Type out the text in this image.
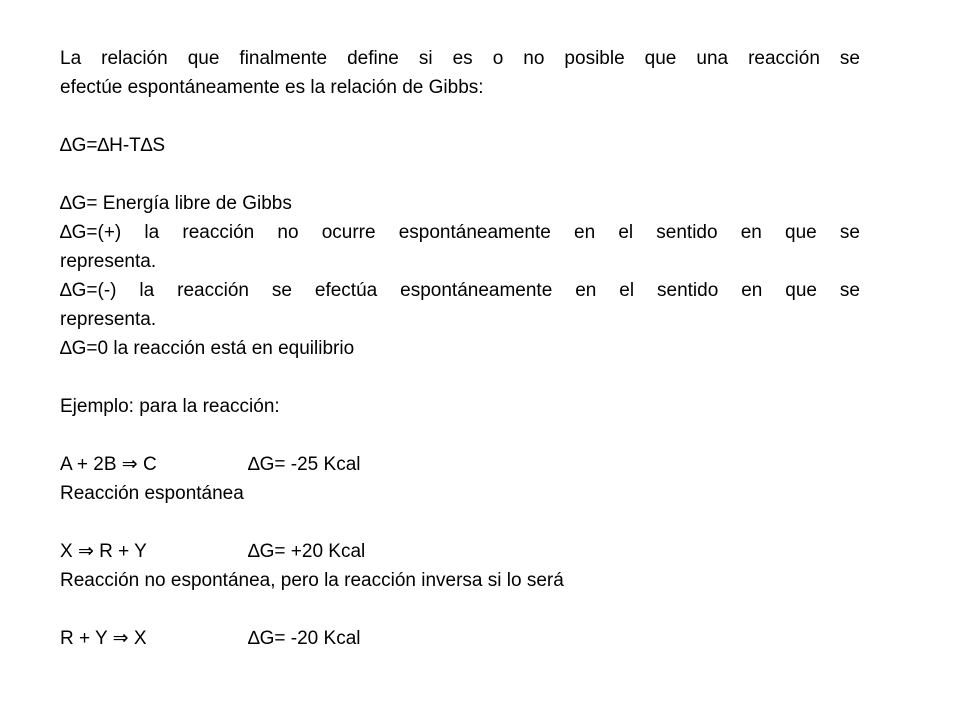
La relación que finalmente define si es o no posible que una reacción se
efectúe espontáneamente es la relación de Gibbs:
∆G=∆H-T∆S
∆G= Energía libre de Gibbs
∆G=(+) la reacción no ocurre espontáneamente en el sentido en que se
representa.
∆G=(-) la reacción se efectúa espontáneamente en el sentido en que se
representa.
∆G=0 la reacción está en equilibrio
Ejemplo: para la reacción:
A + 2B ⇒ C	∆G= -25 Kcal
Reacción espontánea
X ⇒ R + Y	∆G= +20 Kcal
Reacción no espontánea, pero la reacción inversa si lo será
R + Y ⇒ X	∆G= -20 Kcal
